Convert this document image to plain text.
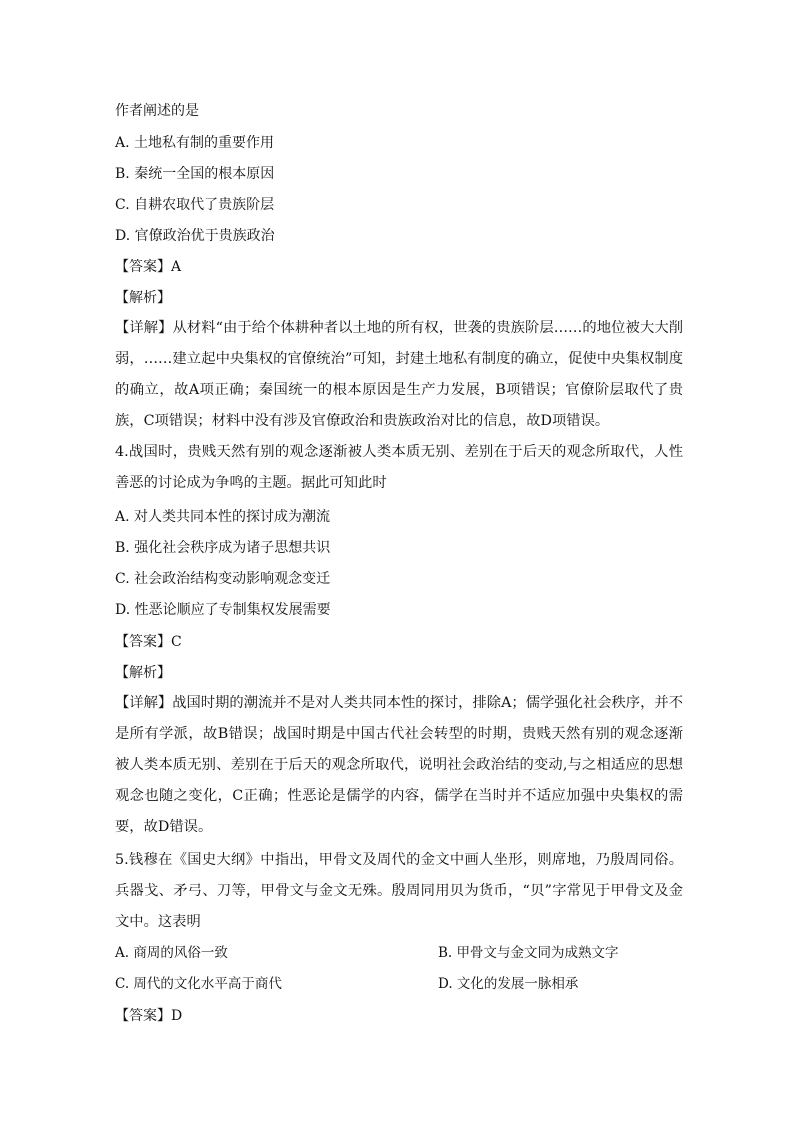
作者阐述的是
A. 土地私有制的重要作用
B. 秦统一全国的根本原因
C. 自耕农取代了贵族阶层
D. 官僚政治优于贵族政治
【答案】A
【解析】
【详解】从材料“由于给个体耕种者以土地的所有权，世袭的贵族阶层……的地位被大大削弱，……建立起中央集权的官僚统治”可知，封建土地私有制度的确立，促使中央集权制度的确立，故A项正确；秦国统一的根本原因是生产力发展，B项错误；官僚阶层取代了贵族，C项错误；材料中没有涉及官僚政治和贵族政治对比的信息，故D项错误。
4.战国时，贵贱天然有别的观念逐渐被人类本质无别、差别在于后天的观念所取代，人性善恶的讨论成为争鸣的主题。据此可知此时
A. 对人类共同本性的探讨成为潮流
B. 强化社会秩序成为诸子思想共识
C. 社会政治结构变动影响观念变迁
D. 性恶论顺应了专制集权发展需要
【答案】C
【解析】
【详解】战国时期的潮流并不是对人类共同本性的探讨，排除A；儒学强化社会秩序，并不是所有学派，故B错误；战国时期是中国古代社会转型的时期，贵贱天然有别的观念逐渐被人类本质无别、差别在于后天的观念所取代，说明社会政治结的变动,与之相适应的思想观念也随之变化，C正确；性恶论是儒学的内容，儒学在当时并不适应加强中央集权的需要，故D错误。
5.钱穆在《国史大纲》中指出，甲骨文及周代的金文中画人坐形，则席地，乃殷周同俗。兵器戈、矛弓、刀等，甲骨文与金文无殊。殷周同用贝为货币，“贝”字常见于甲骨文及金文中。这表明
A. 商周的风俗一致	B. 甲骨文与金文同为成熟文字
C. 周代的文化水平高于商代	D. 文化的发展一脉相承
【答案】D
